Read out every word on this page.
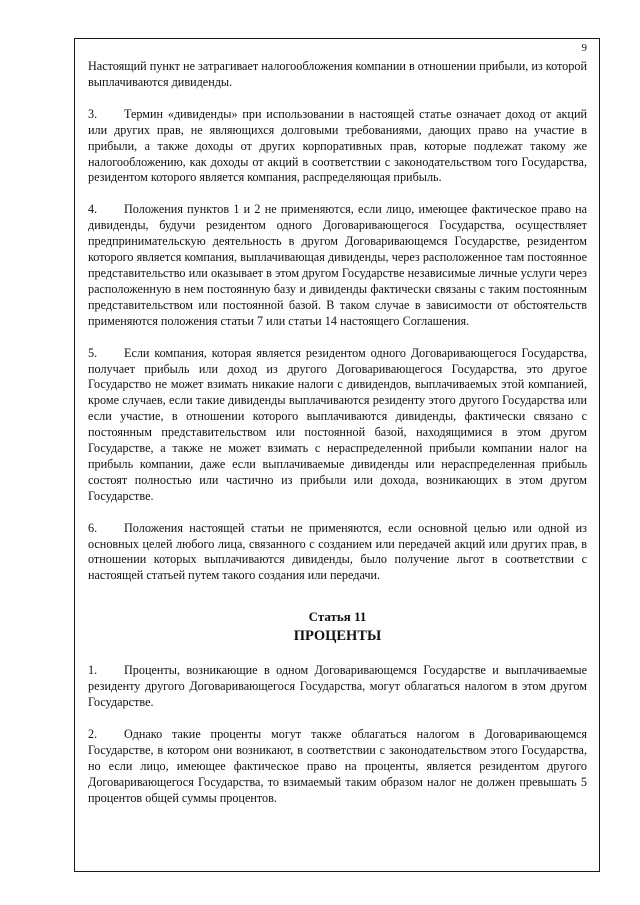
9

Настоящий пункт не затрагивает налогообложения компании в отношении прибыли, из которой выплачиваются дивиденды.

3. Термин «дивиденды» при использовании в настоящей статье означает доход от акций или других прав, не являющихся долговыми требованиями, дающих право на участие в прибыли, а также доходы от других корпоративных прав, которые подлежат такому же налогообложению, как доходы от акций в соответствии с законодательством того Государства, резидентом которого является компания, распределяющая прибыль.

4. Положения пунктов 1 и 2 не применяются, если лицо, имеющее фактическое право на дивиденды, будучи резидентом одного Договаривающегося Государства, осуществляет предпринимательскую деятельность в другом Договаривающемся Государстве, резидентом которого является компания, выплачивающая дивиденды, через расположенное там постоянное представительство или оказывает в этом другом Государстве независимые личные услуги через расположенную в нем постоянную базу и дивиденды фактически связаны с таким постоянным представительством или постоянной базой. В таком случае в зависимости от обстоятельств применяются положения статьи 7 или статьи 14 настоящего Соглашения.

5. Если компания, которая является резидентом одного Договаривающегося Государства, получает прибыль или доход из другого Договаривающегося Государства, это другое Государство не может взимать никакие налоги с дивидендов, выплачиваемых этой компанией, кроме случаев, если такие дивиденды выплачиваются резиденту этого другого Государства или если участие, в отношении которого выплачиваются дивиденды, фактически связано с постоянным представительством или постоянной базой, находящимися в этом другом Государстве, а также не может взимать с нераспределенной прибыли компании налог на прибыль компании, даже если выплачиваемые дивиденды или нераспределенная прибыль состоят полностью или частично из прибыли или дохода, возникающих в этом другом Государстве.

6. Положения настоящей статьи не применяются, если основной целью или одной из основных целей любого лица, связанного с созданием или передачей акций или других прав, в отношении которых выплачиваются дивиденды, было получение льгот в соответствии с настоящей статьей путем такого создания или передачи.

Статья 11
ПРОЦЕНТЫ

1. Проценты, возникающие в одном Договаривающемся Государстве и выплачиваемые резиденту другого Договаривающегося Государства, могут облагаться налогом в этом другом Государстве.

2. Однако такие проценты могут также облагаться налогом в Договаривающемся Государстве, в котором они возникают, в соответствии с законодательством этого Государства, но если лицо, имеющее фактическое право на проценты, является резидентом другого Договаривающегося Государства, то взимаемый таким образом налог не должен превышать 5 процентов общей суммы процентов.
